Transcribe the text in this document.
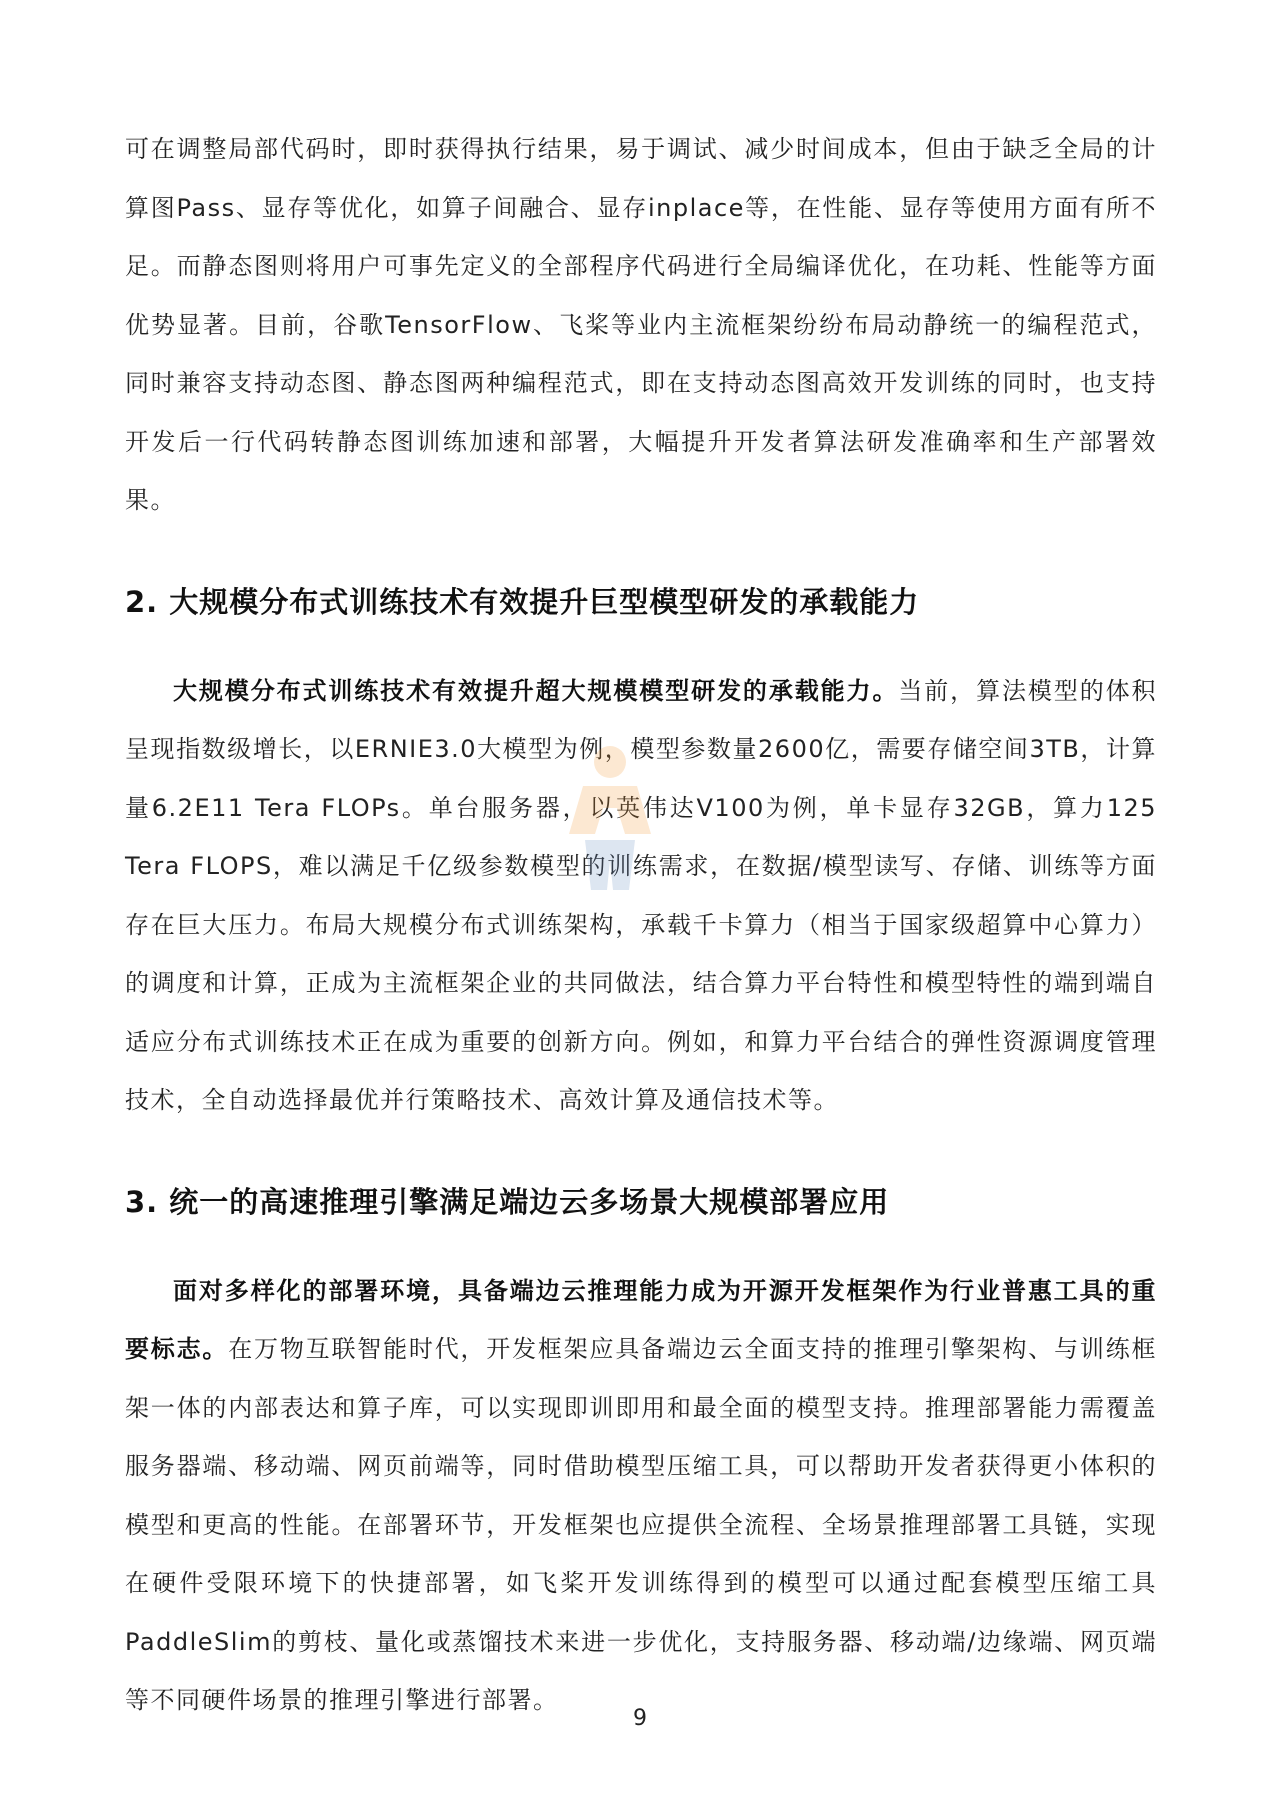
可在调整局部代码时，即时获得执行结果，易于调试、减少时间成本，但由于缺乏全局的计算图Pass、显存等优化，如算子间融合、显存inplace等，在性能、显存等使用方面有所不足。而静态图则将用户可事先定义的全部程序代码进行全局编译优化，在功耗、性能等方面优势显著。目前，谷歌TensorFlow、飞桨等业内主流框架纷纷布局动静统一的编程范式，同时兼容支持动态图、静态图两种编程范式，即在支持动态图高效开发训练的同时，也支持开发后一行代码转静态图训练加速和部署，大幅提升开发者算法研发准确率和生产部署效果。

2. 大规模分布式训练技术有效提升巨型模型研发的承载能力

大规模分布式训练技术有效提升超大规模模型研发的承载能力。当前，算法模型的体积呈现指数级增长，以ERNIE3.0大模型为例，模型参数量2600亿，需要存储空间3TB，计算量6.2E11 Tera FLOPs。单台服务器，以英伟达V100为例，单卡显存32GB，算力125 Tera FLOPS，难以满足千亿级参数模型的训练需求，在数据/模型读写、存储、训练等方面存在巨大压力。布局大规模分布式训练架构，承载千卡算力（相当于国家级超算中心算力）的调度和计算，正成为主流框架企业的共同做法，结合算力平台特性和模型特性的端到端自适应分布式训练技术正在成为重要的创新方向。例如，和算力平台结合的弹性资源调度管理技术，全自动选择最优并行策略技术、高效计算及通信技术等。

3. 统一的高速推理引擎满足端边云多场景大规模部署应用

面对多样化的部署环境，具备端边云推理能力成为开源开发框架作为行业普惠工具的重要标志。在万物互联智能时代，开发框架应具备端边云全面支持的推理引擎架构、与训练框架一体的内部表达和算子库，可以实现即训即用和最全面的模型支持。推理部署能力需覆盖服务器端、移动端、网页前端等，同时借助模型压缩工具，可以帮助开发者获得更小体积的模型和更高的性能。在部署环节，开发框架也应提供全流程、全场景推理部署工具链，实现在硬件受限环境下的快捷部署，如飞桨开发训练得到的模型可以通过配套模型压缩工具PaddleSlim的剪枝、量化或蒸馏技术来进一步优化，支持服务器、移动端/边缘端、网页端等不同硬件场景的推理引擎进行部署。

9
